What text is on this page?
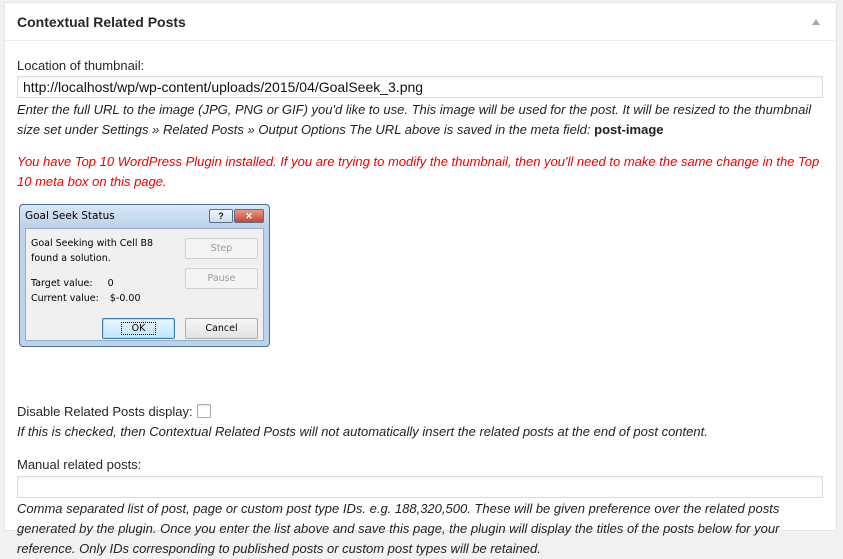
Contextual Related Posts
Location of thumbnail:
http://localhost/wp/wp-content/uploads/2015/04/GoalSeek_3.png
Enter the full URL to the image (JPG, PNG or GIF) you'd like to use. This image will be used for the post. It will be resized to the thumbnail
size set under Settings » Related Posts » Output Options The URL above is saved in the meta field: post-image
You have Top 10 WordPress Plugin installed. If you are trying to modify the thumbnail, then you'll need to make the same change in the Top
10 meta box on this page.
Goal Seek Status	?	✕
Goal Seeking with Cell B8
found a solution.
Target value: 0
Current value: $-0.00
Step
Pause
OK	Cancel
Disable Related Posts display:
If this is checked, then Contextual Related Posts will not automatically insert the related posts at the end of post content.
Manual related posts:
Comma separated list of post, page or custom post type IDs. e.g. 188,320,500. These will be given preference over the related posts
generated by the plugin. Once you enter the list above and save this page, the plugin will display the titles of the posts below for your
reference. Only IDs corresponding to published posts or custom post types will be retained.
